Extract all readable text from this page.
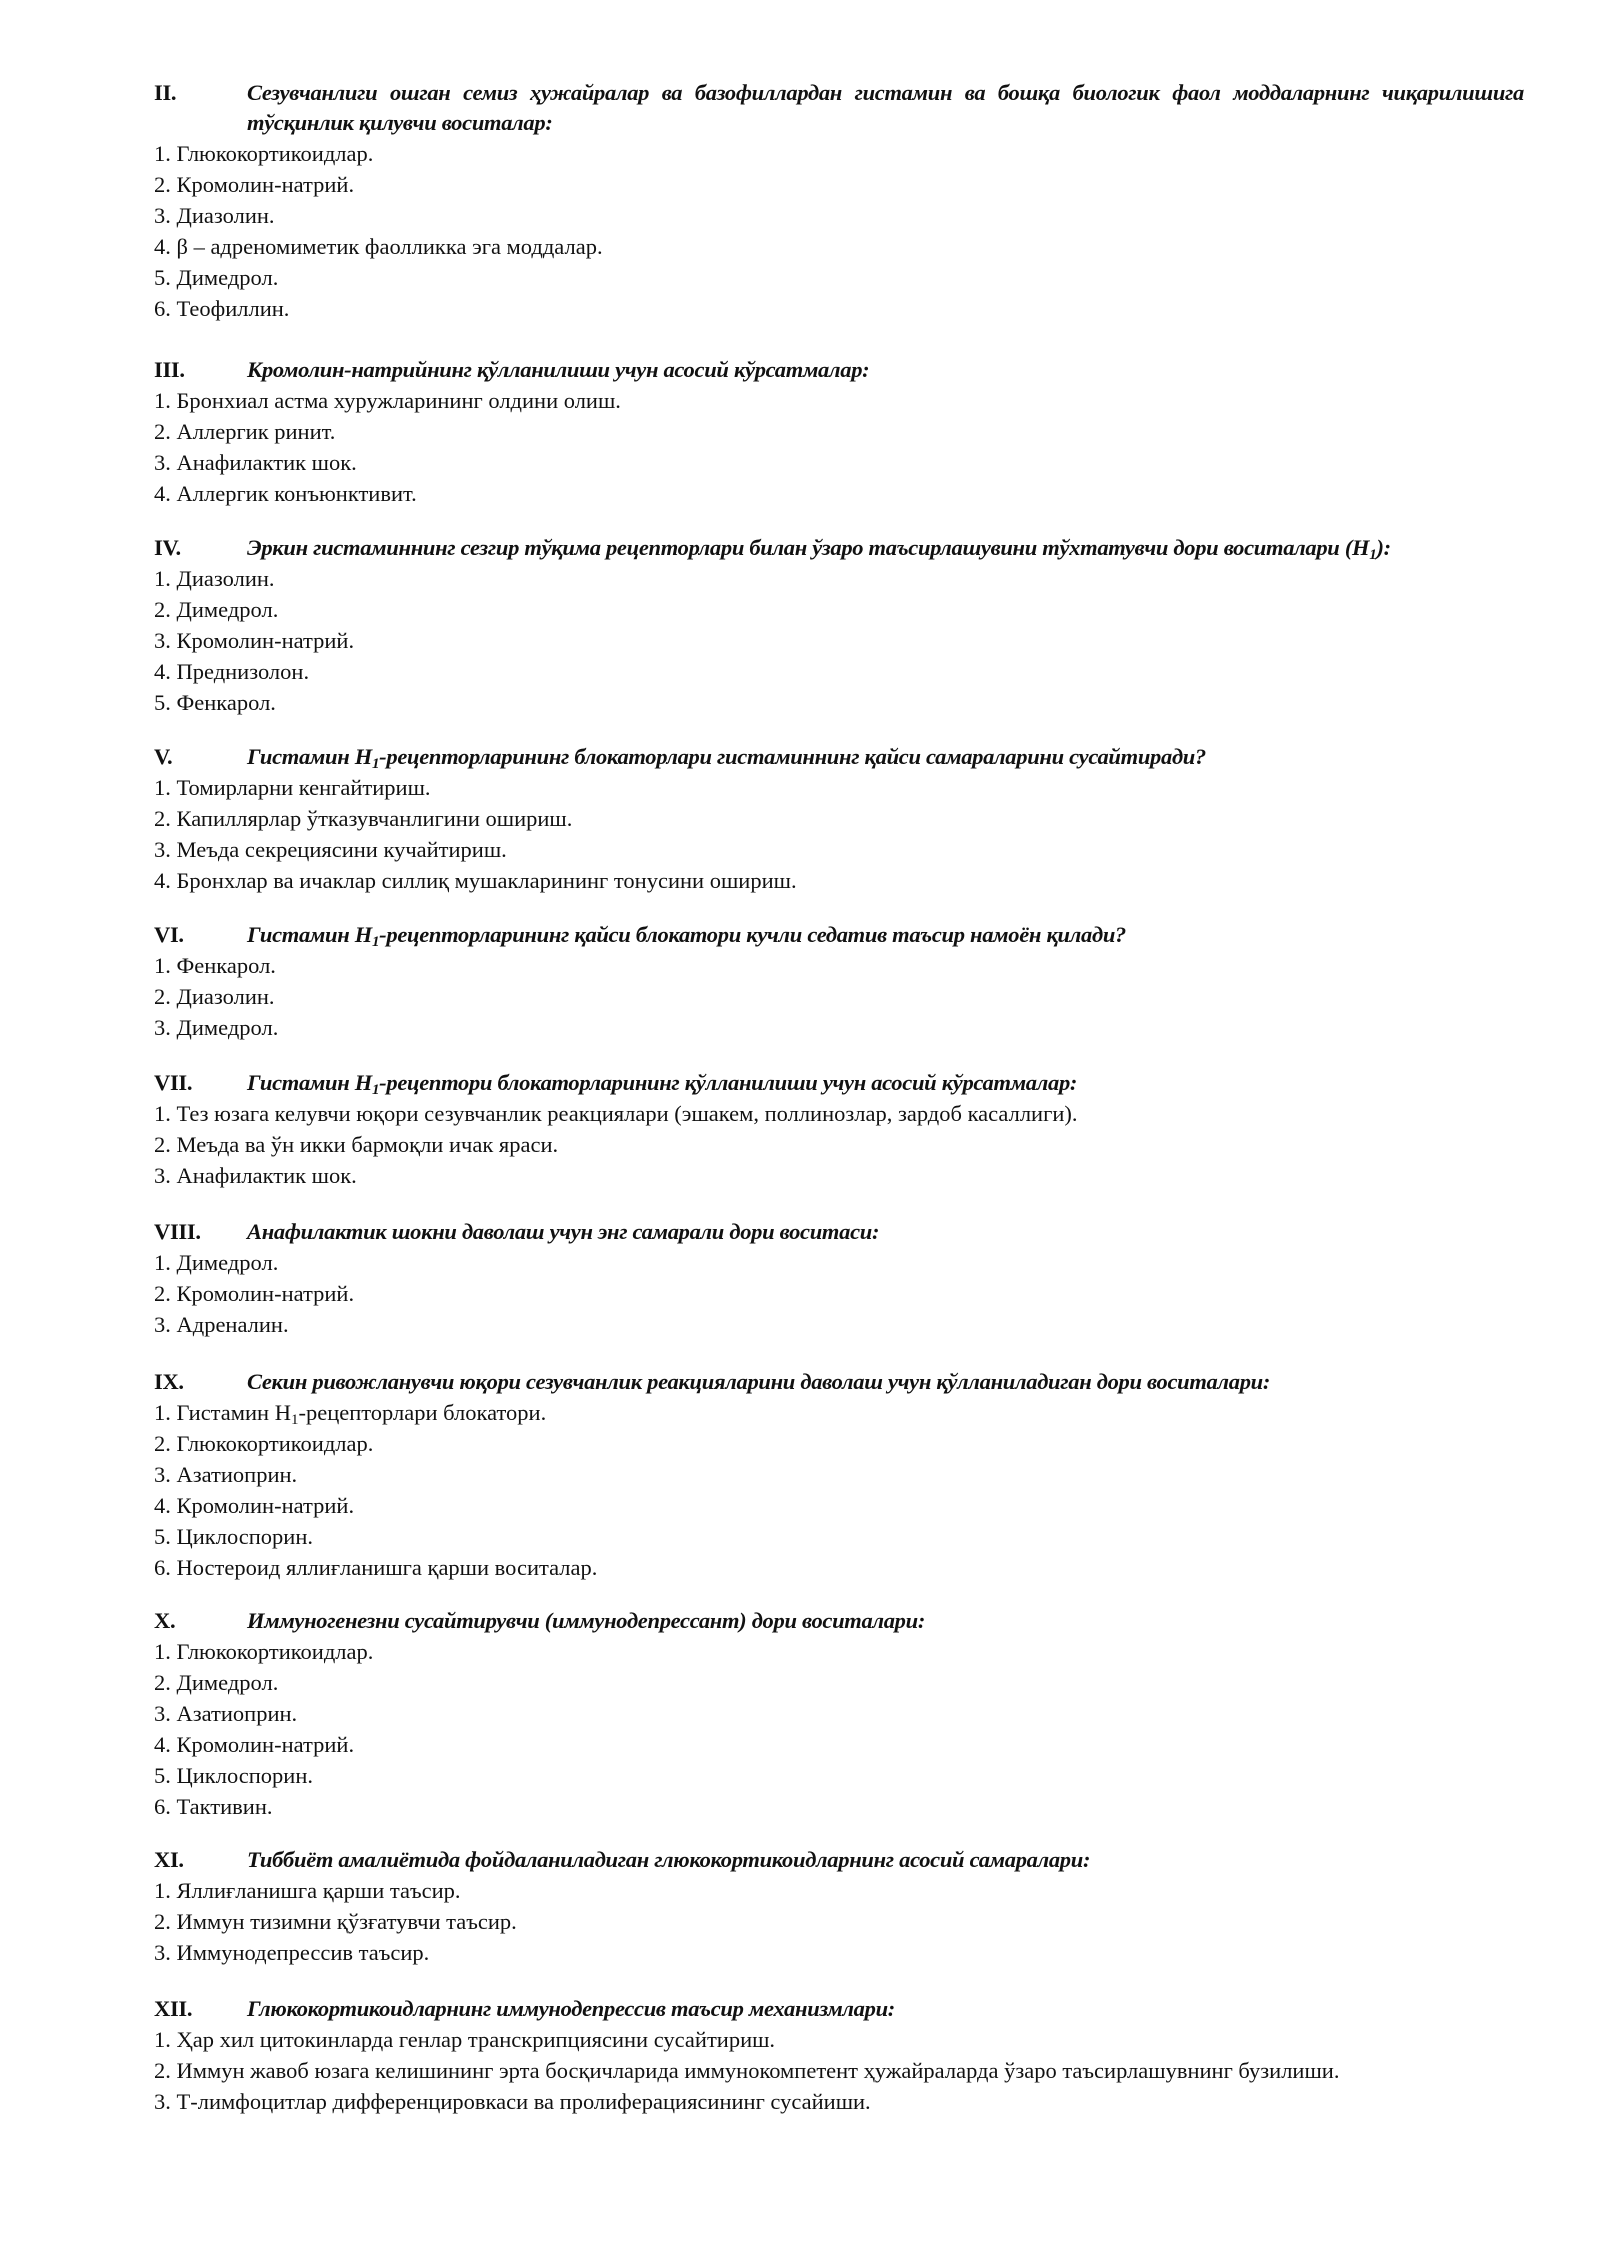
II.	Сезувчанлиги ошган семиз ҳужайралар ва базофиллардан гистамин ва бошқа биологик фаол моддаларнинг чиқарилишига тўсқинлик қилувчи воситалар:
1. Глюкокортикоидлар.
2. Кромолин-натрий.
3. Диазолин.
4. β – адреномиметик фаолликка эга моддалар.
5. Димедрол.
6. Теофиллин.
III.	Кромолин-натрийнинг қўлланилиши учун асосий кўрсатмалар:
1. Бронхиал астма хуружларининг олдини олиш.
2. Аллергик ринит.
3. Анафилактик шок.
4. Аллергик конъюнктивит.
IV.	Эркин гистаминнинг сезгир тўқима рецепторлари билан ўзаро таъсирлашувини тўхтатувчи дори воситалари $(Н_1)$:
1. Диазолин.
2. Димедрол.
3. Кромолин-натрий.
4. Преднизолон.
5. Фенкарол.
V.	Гистамин $Н_1$-рецепторларининг блокаторлари гистаминнинг қайси самараларини сусайтиради?
1. Томирларни кенгайтириш.
2. Капиллярлар ўтказувчанлигини ошириш.
3. Меъда секрециясини кучайтириш.
4. Бронхлар ва ичаклар силлиқ мушакларининг тонусини ошириш.
VI.	Гистамин $Н_1$-рецепторларининг қайси блокатори кучли седатив таъсир намоён қилади?
1. Фенкарол.
2. Диазолин.
3. Димедрол.
VII.	Гистамин $Н_1$-рецептори блокаторларининг қўлланилиши учун асосий кўрсатмалар:
1. Тез юзага келувчи юқори сезувчанлик реакциялари (эшакем, поллинозлар, зардоб касаллиги).
2. Меъда ва ўн икки бармоқли ичак яраси.
3. Анафилактик шок.
VIII.	Анафилактик шокни даволаш учун энг самарали дори воситаси:
1. Димедрол.
2. Кромолин-натрий.
3. Адреналин.
IX.	Секин ривожланувчи юқори сезувчанлик реакцияларини даволаш учун қўлланиладиган дори воситалари:
1. Гистамин $Н_1$-рецепторлари блокатори.
2. Глюкокортикоидлар.
3. Азатиоприн.
4. Кромолин-натрий.
5. Циклоспорин.
6. Ностероид яллиғланишга қарши воситалар.
X.	Иммуногенезни сусайтирувчи (иммунодепрессант) дори воситалари:
1. Глюкокортикоидлар.
2. Димедрол.
3. Азатиоприн.
4. Кромолин-натрий.
5. Циклоспорин.
6. Тактивин.
XI.	Тиббиёт амалиётида фойдаланиладиган глюкокортикоидларнинг асосий самаралари:
1. Яллиғланишга қарши таъсир.
2. Иммун тизимни қўзғатувчи таъсир.
3. Иммунодепрессив таъсир.
XII.	Глюкокортикоидларнинг иммунодепрессив таъсир механизмлари:
1. Ҳар хил цитокинларда генлар транскрипциясини сусайтириш.
2. Иммун жавоб юзага келишининг эрта босқичларида иммунокомпетент ҳужайраларда ўзаро таъсирлашувнинг бузилиши.
3. Т-лимфоцитлар дифференцировкаси ва пролиферациясининг сусайиши.
